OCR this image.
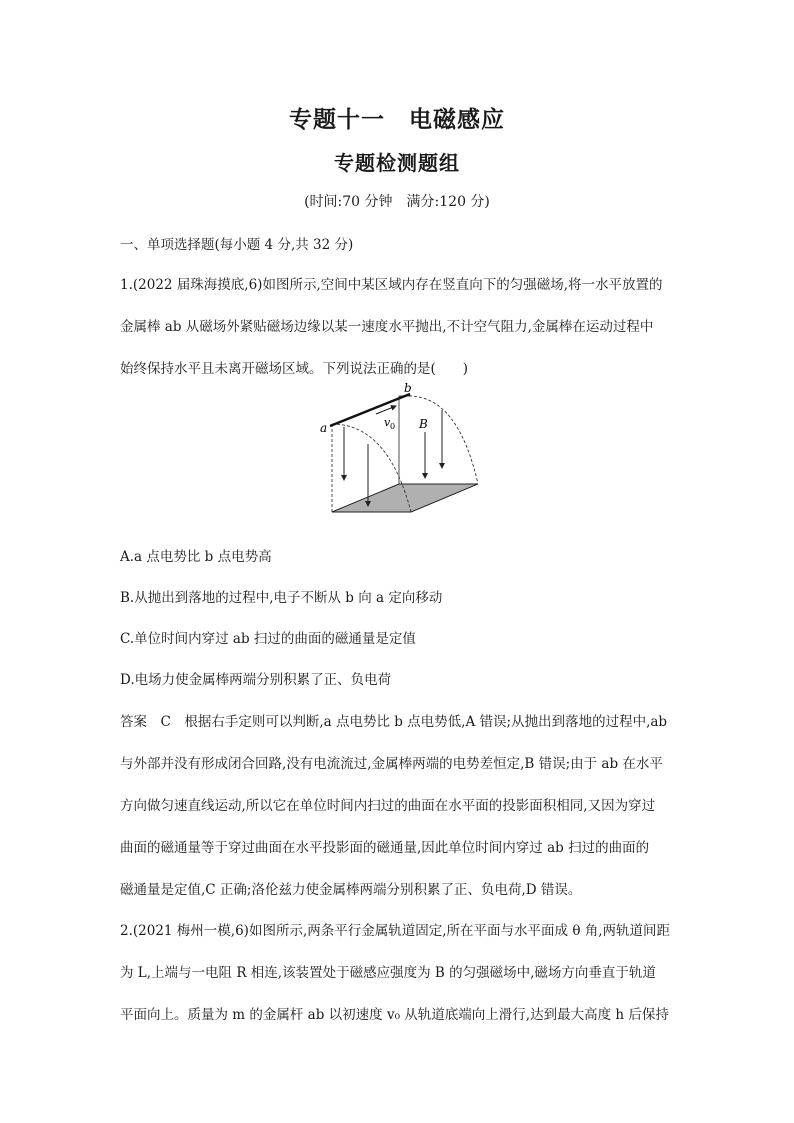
专题十一　电磁感应
专题检测题组
(时间:70 分钟　满分:120 分)
一、单项选择题(每小题 4 分,共 32 分)
1.(2022 届珠海摸底,6)如图所示,空间中某区域内存在竖直向下的匀强磁场,将一水平放置的
金属棒 ab 从磁场外紧贴磁场边缘以某一速度水平抛出,不计空气阻力,金属棒在运动过程中
始终保持水平且未离开磁场区域。下列说法正确的是(　　)
a
b
v 0 B
A.a 点电势比 b 点电势高
B.从抛出到落地的过程中,电子不断从 b 向 a 定向移动
C.单位时间内穿过 ab 扫过的曲面的磁通量是定值
D.电场力使金属棒两端分别积累了正、负电荷
答案　C　根据右手定则可以判断,a 点电势比 b 点电势低,A 错误;从抛出到落地的过程中,ab
与外部并没有形成闭合回路,没有电流流过,金属棒两端的电势差恒定,B 错误;由于 ab 在水平
方向做匀速直线运动,所以它在单位时间内扫过的曲面在水平面的投影面积相同,又因为穿过
曲面的磁通量等于穿过曲面在水平投影面的磁通量,因此单位时间内穿过 ab 扫过的曲面的
磁通量是定值,C 正确;洛伦兹力使金属棒两端分别积累了正、负电荷,D 错误。
2.(2021 梅州一模,6)如图所示,两条平行金属轨道固定,所在平面与水平面成 θ 角,两轨道间距
为 L,上端与一电阻 R 相连,该装置处于磁感应强度为 B 的匀强磁场中,磁场方向垂直于轨道
平面向上。质量为 m 的金属杆 ab 以初速度 v₀ 从轨道底端向上滑行,达到最大高度 h 后保持
